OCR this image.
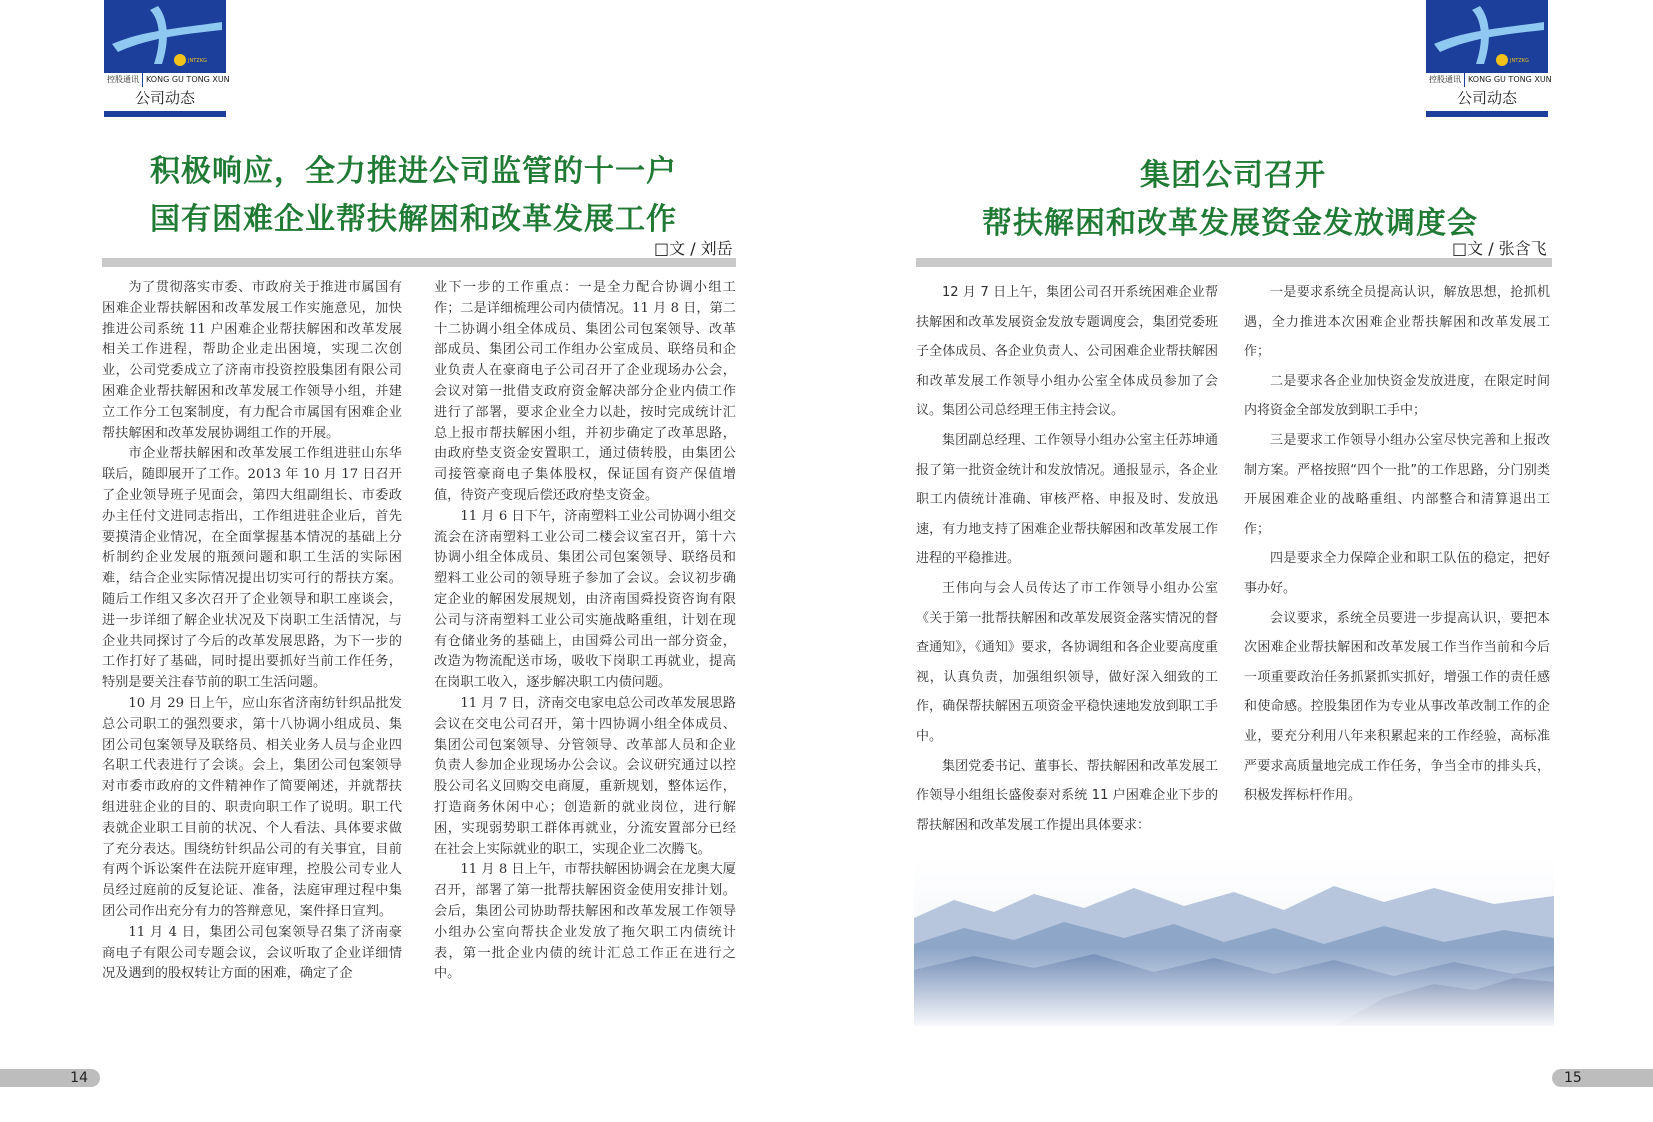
JNTZKG
控股通讯 KONG GU TONG XUN
公司动态
积极响应，全力推进公司监管的十一户
国有困难企业帮扶解困和改革发展工作
□文 / 刘岳

为了贯彻落实市委、市政府关于推进市属国有困难企业帮扶解困和改革发展工作实施意见，加快推进公司系统 11 户困难企业帮扶解困和改革发展相关工作进程，帮助企业走出困境，实现二次创业，公司党委成立了济南市投资控股集团有限公司困难企业帮扶解困和改革发展工作领导小组，并建立工作分工包案制度，有力配合市属国有困难企业帮扶解困和改革发展协调组工作的开展。

市企业帮扶解困和改革发展工作组进驻山东华联后，随即展开了工作。2013 年 10 月 17 日召开了企业领导班子见面会，第四大组副组长、市委政办主任付文进同志指出，工作组进驻企业后，首先要摸清企业情况，在全面掌握基本情况的基础上分析制约企业发展的瓶颈问题和职工生活的实际困难，结合企业实际情况提出切实可行的帮扶方案。随后工作组又多次召开了企业领导和职工座谈会，进一步详细了解企业状况及下岗职工生活情况，与企业共同探讨了今后的改革发展思路，为下一步的工作打好了基础，同时提出要抓好当前工作任务，特别是要关注春节前的职工生活问题。

10 月 29 日上午，应山东省济南纺针织品批发总公司职工的强烈要求，第十八协调小组成员、集团公司包案领导及联络员、相关业务人员与企业四名职工代表进行了会谈。会上，集团公司包案领导对市委市政府的文件精神作了简要阐述，并就帮扶组进驻企业的目的、职责向职工作了说明。职工代表就企业职工目前的状况、个人看法、具体要求做了充分表达。围绕纺针织品公司的有关事宜，目前有两个诉讼案件在法院开庭审理，控股公司专业人员经过庭前的反复论证、准备，法庭审理过程中集团公司作出充分有力的答辩意见，案件择日宣判。

11 月 4 日，集团公司包案领导召集了济南豪商电子有限公司专题会议，会议听取了企业详细情况及遇到的股权转让方面的困难，确定了企

业下一步的工作重点：一是全力配合协调小组工作；二是详细梳理公司内债情况。11 月 8 日，第二十二协调小组全体成员、集团公司包案领导、改革部成员、集团公司工作组办公室成员、联络员和企业负责人在豪商电子公司召开了企业现场办公会，会议对第一批借支政府资金解决部分企业内债工作进行了部署，要求企业全力以赴，按时完成统计汇总上报市帮扶解困小组，并初步确定了改革思路，由政府垫支资金安置职工，通过债转股，由集团公司接管豪商电子集体股权，保证国有资产保值增值，待资产变现后偿还政府垫支资金。

11 月 6 日下午，济南塑料工业公司协调小组交流会在济南塑料工业公司二楼会议室召开，第十六协调小组全体成员、集团公司包案领导、联络员和塑料工业公司的领导班子参加了会议。会议初步确定企业的解困发展规划，由济南国舜投资咨询有限公司与济南塑料工业公司实施战略重组，计划在现有仓储业务的基础上，由国舜公司出一部分资金，改造为物流配送市场，吸收下岗职工再就业，提高在岗职工收入，逐步解决职工内债问题。

11 月 7 日，济南交电家电总公司改革发展思路会议在交电公司召开，第十四协调小组全体成员、集团公司包案领导、分管领导、改革部人员和企业负责人参加企业现场办公会议。会议研究通过以控股公司名义回购交电商厦，重新规划，整体运作，打造商务休闲中心；创造新的就业岗位，进行解困，实现弱势职工群体再就业，分流安置部分已经在社会上实际就业的职工，实现企业二次腾飞。

11 月 8 日上午，市帮扶解困协调会在龙奥大厦召开，部署了第一批帮扶解困资金使用安排计划。会后，集团公司协助帮扶解困和改革发展工作领导小组办公室向帮扶企业发放了拖欠职工内债统计表，第一批企业内债的统计汇总工作正在进行之中。

14
JNTZKG
控股通讯 KONG GU TONG XUN
公司动态
集团公司召开
帮扶解困和改革发展资金发放调度会
□文 / 张含飞

12 月 7 日上午，集团公司召开系统困难企业帮扶解困和改革发展资金发放专题调度会，集团党委班子全体成员、各企业负责人、公司困难企业帮扶解困和改革发展工作领导小组办公室全体成员参加了会议。集团公司总经理王伟主持会议。

集团副总经理、工作领导小组办公室主任苏坤通报了第一批资金统计和发放情况。通报显示，各企业职工内债统计准确、审核严格、申报及时、发放迅速，有力地支持了困难企业帮扶解困和改革发展工作进程的平稳推进。

王伟向与会人员传达了市工作领导小组办公室《关于第一批帮扶解困和改革发展资金落实情况的督查通知》，《通知》要求，各协调组和各企业要高度重视，认真负责，加强组织领导，做好深入细致的工作，确保帮扶解困五项资金平稳快速地发放到职工手中。

集团党委书记、董事长、帮扶解困和改革发展工作领导小组组长盛俊泰对系统 11 户困难企业下步的帮扶解困和改革发展工作提出具体要求：

一是要求系统全员提高认识，解放思想，抢抓机遇，全力推进本次困难企业帮扶解困和改革发展工作；

二是要求各企业加快资金发放进度，在限定时间内将资金全部发放到职工手中；

三是要求工作领导小组办公室尽快完善和上报改制方案。严格按照“四个一批”的工作思路，分门别类开展困难企业的战略重组、内部整合和清算退出工作；

四是要求全力保障企业和职工队伍的稳定，把好事办好。

会议要求，系统全员要进一步提高认识，要把本次困难企业帮扶解困和改革发展工作当作当前和今后一项重要政治任务抓紧抓实抓好，增强工作的责任感和使命感。控股集团作为专业从事改革改制工作的企业，要充分利用八年来积累起来的工作经验，高标准严要求高质量地完成工作任务，争当全市的排头兵，积极发挥标杆作用。

15
